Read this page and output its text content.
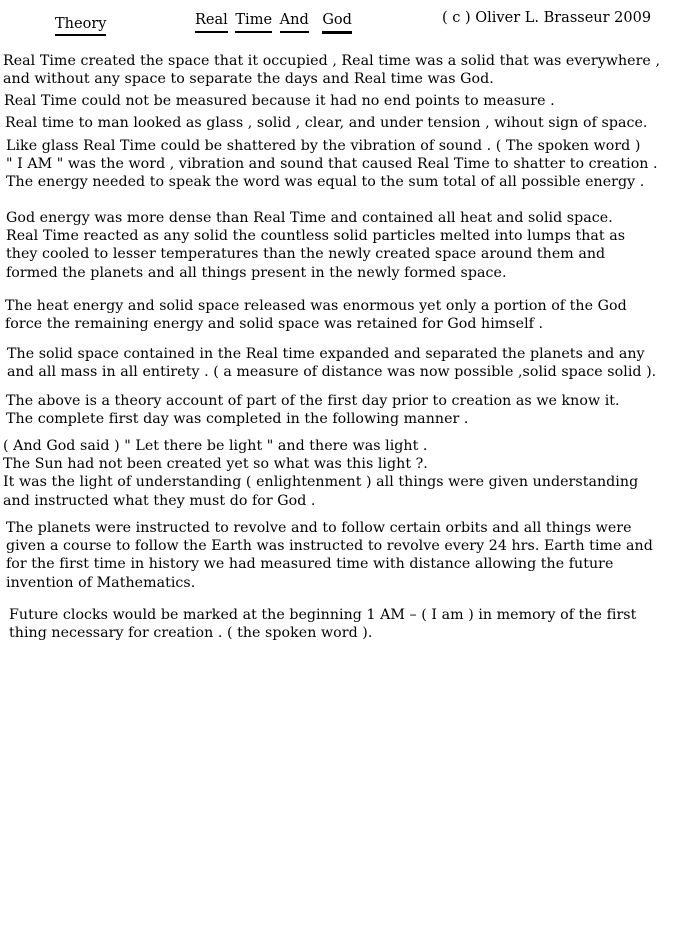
Theory	Real Time And God	( c ) Oliver L. Brasseur 2009
Real Time created the space that it occupied , Real time was a solid that was everywhere ,
and without any space to separate the days and Real time was God.
Real Time could not be measured because it had no end points to measure .
Real time to man looked as glass , solid , clear, and under tension , wihout sign of space.
Like glass Real Time could be shattered by the vibration of sound . ( The spoken word )
" I AM " was the word , vibration and sound that caused Real Time to shatter to creation .
The energy needed to speak the word was equal to the sum total of all possible energy .
God energy was more dense than Real Time and contained all heat and solid space.
Real Time reacted as any solid the countless solid particles melted into lumps that as
they cooled to lesser temperatures than the newly created space around them and
formed the planets and all things present in the newly formed space.
The heat energy and solid space released was enormous yet only a portion of the God
force the remaining energy and solid space was retained for God himself .
The solid space contained in the Real time expanded and separated the planets and any
and all mass in all entirety . ( a measure of distance was now possible ,solid space solid ).
The above is a theory account of part of the first day prior to creation as we know it.
The complete first day was completed in the following manner .
( And God said ) " Let there be light " and there was light .
The Sun had not been created yet so what was this light ?.
It was the light of understanding ( enlightenment ) all things were given understanding
and instructed what they must do for God .
The planets were instructed to revolve and to follow certain orbits and all things were
given a course to follow the Earth was instructed to revolve every 24 hrs. Earth time and
for the first time in history we had measured time with distance allowing the future
invention of Mathematics.
Future clocks would be marked at the beginning 1 AM – ( I am ) in memory of the first
thing necessary for creation . ( the spoken word ).
